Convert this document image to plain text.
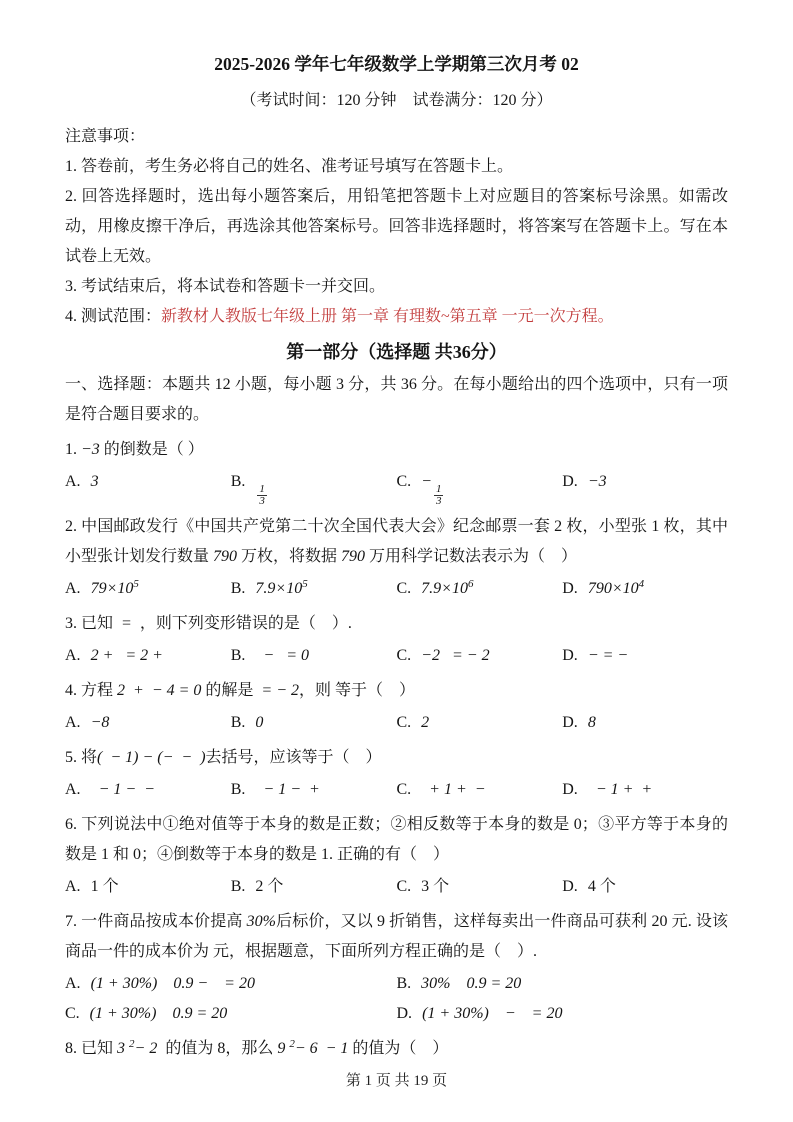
2025-2026 学年七年级数学上学期第三次月考 02
（考试时间：120 分钟　试卷满分：120 分）

注意事项：

1. 答卷前，考生务必将自己的姓名、准考证号填写在答题卡上。

2. 回答选择题时，选出每小题答案后，用铅笔把答题卡上对应题目的答案标号涂黑。如需改动，用橡皮擦干净后，再选涂其他答案标号。回答非选择题时，将答案写在答题卡上。写在本试卷上无效。

3. 考试结束后，将本试卷和答题卡一并交回。

4. 测试范围：新教材人教版七年级上册 第一章 有理数~第五章 一元一次方程。

第一部分（选择题 共36分）

一、选择题：本题共 12 小题，每小题 3 分，共 36 分。在每小题给出的四个选项中，只有一项是符合题目要求的。

1. −3 的倒数是（ ）

A. 3	B.
$\frac{1}{3}$
C. −
$\frac{1}{3}$
D. −3

2. 中国邮政发行《中国共产党第二十次全国代表大会》纪念邮票一套 2 枚，小型张 1 枚，其中小型张计划发行数量 790 万枚，将数据 790 万用科学记数法表示为（  ）

A. $79\times 10^5$	B. $7.9\times 10^5$	C. $7.9\times 10^6$	D. $790\times 10^4$

3. 已知 = ，则下列变形错误的是（  ）.

A. 2 +  = 2 +	B. −  = 0	C. −2  = − 2	D. − = −

4. 方程 2 + − 4 = 0 的解是 = − 2，则 等于（  ）

A. −8	B. 0	C. 2	D. 8

5. 将( − 1) − (− − )去括号，应该等于（  ）

A. − 1 − −	B. − 1 − +	C. + 1 + −	D. − 1 + +

6. 下列说法中①绝对值等于本身的数是正数；②相反数等于本身的数是 0；③平方等于本身的数是 1 和 0；④倒数等于本身的数是 1. 正确的有（  ）

A. 1 个	B. 2 个	C. 3 个	D. 4 个

7. 一件商品按成本价提高 30%后标价，又以 9 折销售，这样每卖出一件商品可获利 20 元. 设该商品一件的成本价为 元，根据题意，下面所列方程正确的是（  ）.

A. (1 + 30%)  0.9 −  = 20	B. 30%  0.9 = 20
C. (1 + 30%)  0.9 = 20	D. (1 + 30%)  −  = 20

8. 已知 3 $^2$− 2 的值为 8，那么 9 $^2$− 6 − 1 的值为（  ）

第 1 页 共 19 页
